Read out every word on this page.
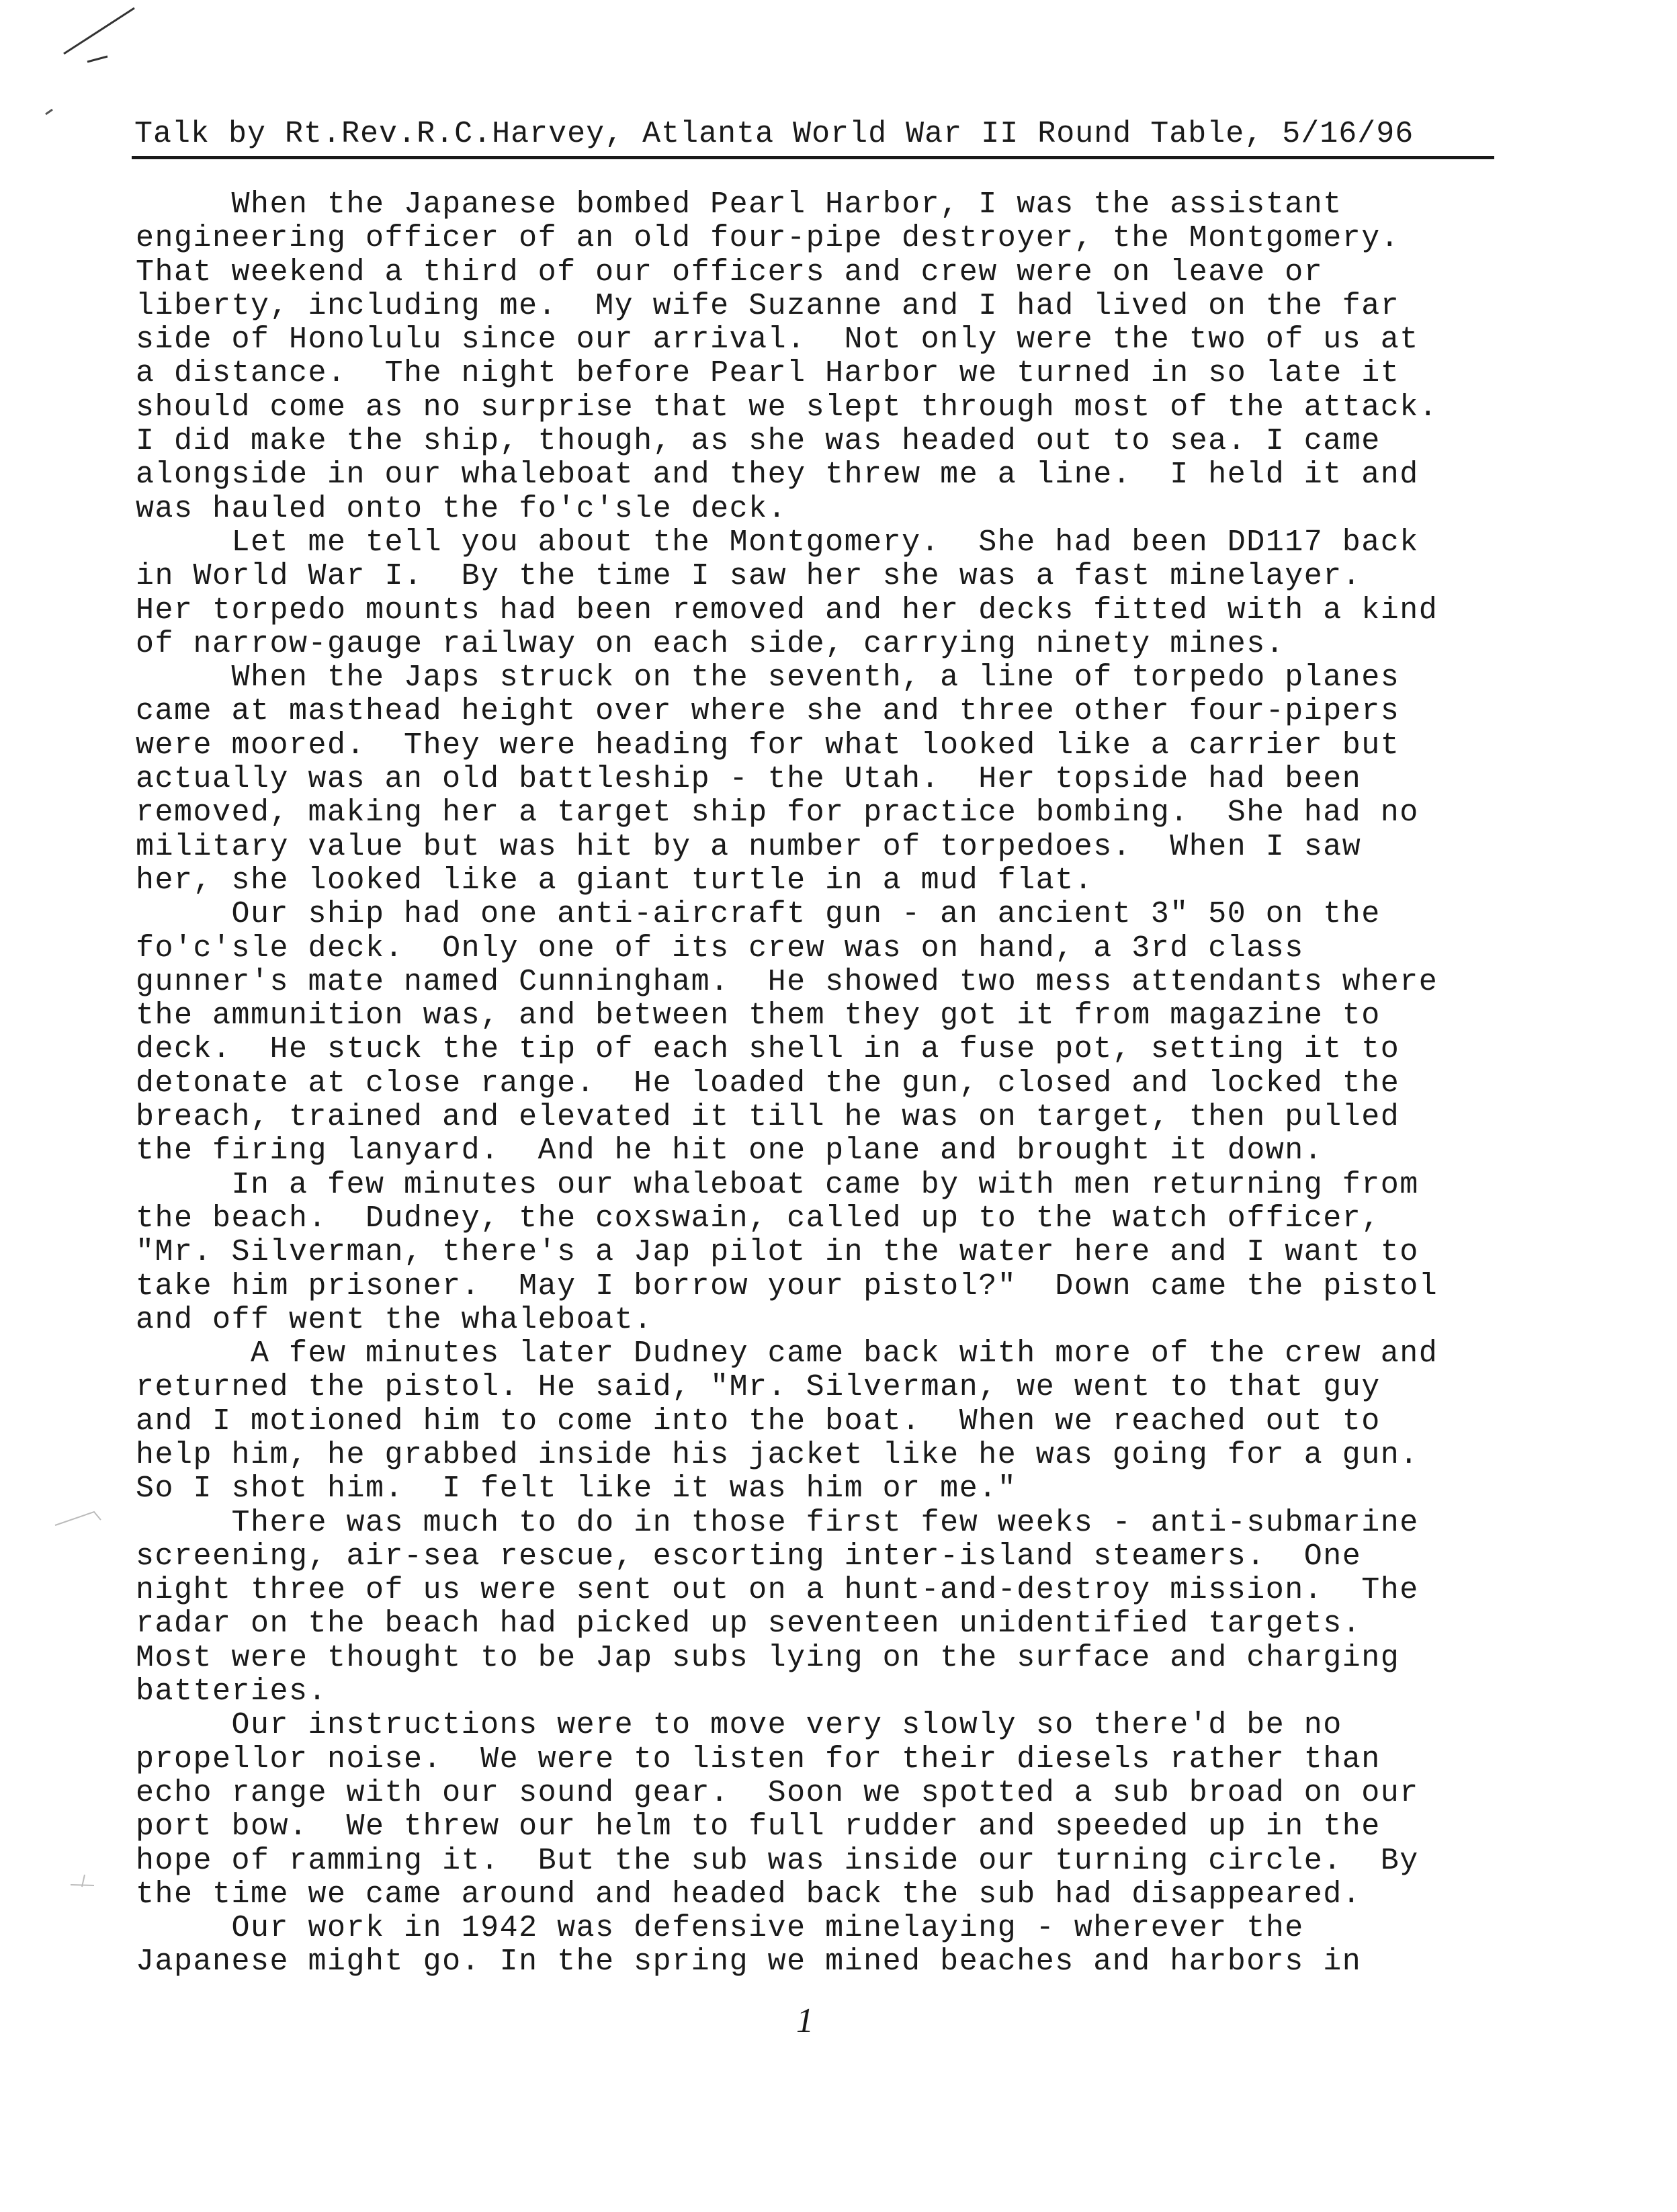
Talk by Rt.Rev.R.C.Harvey, Atlanta World War II Round Table, 5/16/96
When the Japanese bombed Pearl Harbor, I was the assistant
engineering officer of an old four-pipe destroyer, the Montgomery.
That weekend a third of our officers and crew were on leave or
liberty, including me.  My wife Suzanne and I had lived on the far
side of Honolulu since our arrival.  Not only were the two of us at
a distance.  The night before Pearl Harbor we turned in so late it
should come as no surprise that we slept through most of the attack.
I did make the ship, though, as she was headed out to sea. I came
alongside in our whaleboat and they threw me a line.  I held it and
was hauled onto the fo'c'sle deck.
Let me tell you about the Montgomery.  She had been DD117 back
in World War I.  By the time I saw her she was a fast minelayer.
Her torpedo mounts had been removed and her decks fitted with a kind
of narrow-gauge railway on each side, carrying ninety mines.
When the Japs struck on the seventh, a line of torpedo planes
came at masthead height over where she and three other four-pipers
were moored.  They were heading for what looked like a carrier but
actually was an old battleship - the Utah.  Her topside had been
removed, making her a target ship for practice bombing.  She had no
military value but was hit by a number of torpedoes.  When I saw
her, she looked like a giant turtle in a mud flat.
Our ship had one anti-aircraft gun - an ancient 3" 50 on the
fo'c'sle deck.  Only one of its crew was on hand, a 3rd class
gunner's mate named Cunningham.  He showed two mess attendants where
the ammunition was, and between them they got it from magazine to
deck.  He stuck the tip of each shell in a fuse pot, setting it to
detonate at close range.  He loaded the gun, closed and locked the
breach, trained and elevated it till he was on target, then pulled
the firing lanyard.  And he hit one plane and brought it down.
In a few minutes our whaleboat came by with men returning from
the beach.  Dudney, the coxswain, called up to the watch officer,
"Mr. Silverman, there's a Jap pilot in the water here and I want to
take him prisoner.  May I borrow your pistol?"  Down came the pistol
and off went the whaleboat.
A few minutes later Dudney came back with more of the crew and
returned the pistol. He said, "Mr. Silverman, we went to that guy
and I motioned him to come into the boat.  When we reached out to
help him, he grabbed inside his jacket like he was going for a gun.
So I shot him.  I felt like it was him or me."
There was much to do in those first few weeks - anti-submarine
screening, air-sea rescue, escorting inter-island steamers.  One
night three of us were sent out on a hunt-and-destroy mission.  The
radar on the beach had picked up seventeen unidentified targets.
Most were thought to be Jap subs lying on the surface and charging
batteries.
Our instructions were to move very slowly so there'd be no
propellor noise.  We were to listen for their diesels rather than
echo range with our sound gear.  Soon we spotted a sub broad on our
port bow.  We threw our helm to full rudder and speeded up in the
hope of ramming it.  But the sub was inside our turning circle.  By
the time we came around and headed back the sub had disappeared.
Our work in 1942 was defensive minelaying - wherever the
Japanese might go. In the spring we mined beaches and harbors in
1
